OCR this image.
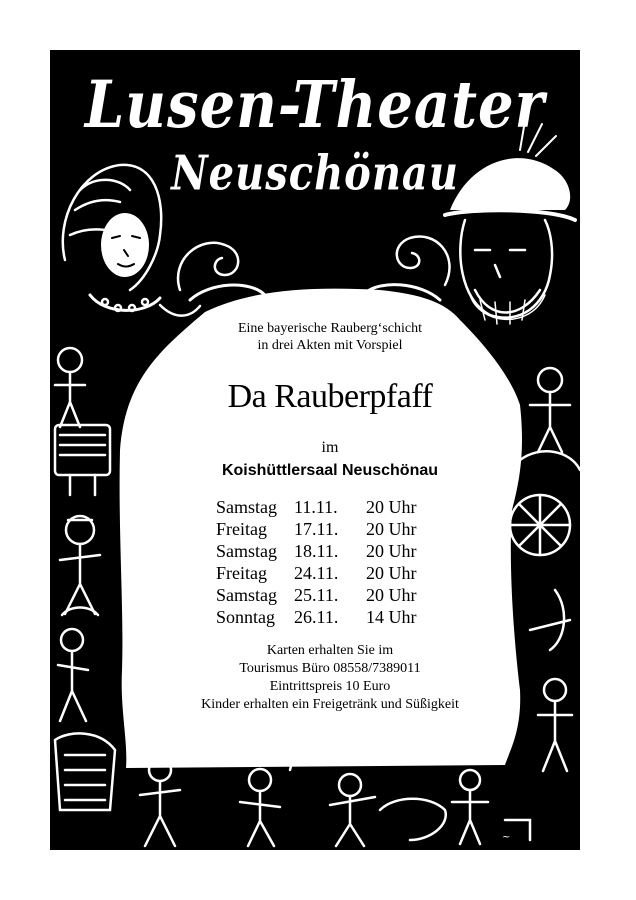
~
Lusen-Theater
Neuschönau
Eine bayerische Rauberg‘schicht
in drei Akten mit Vorspiel
Da Rauberpfaff
im
Koishüttlersaal Neuschönau
Samstag 11.11.	20 Uhr
Freitag	17.11.	20 Uhr
Samstag 18.11.	20 Uhr
Freitag	24.11.	20 Uhr
Samstag 25.11.	20 Uhr
Sonntag	26.11.	14 Uhr
Karten erhalten Sie im
Tourismus Büro 08558/7389011
Eintrittspreis 10 Euro
Kinder erhalten ein Freigetränk und Süßigkeit
